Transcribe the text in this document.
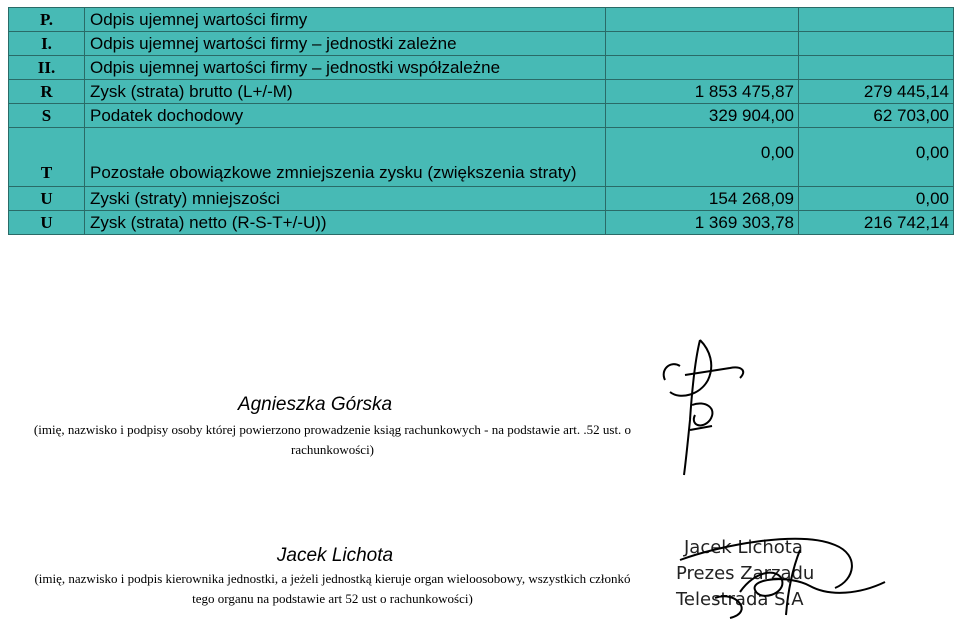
P.	Odpis ujemnej wartości firmy		
I.	Odpis ujemnej wartości firmy – jednostki zależne		
II.	Odpis ujemnej wartości firmy – jednostki współzależne		
R	Zysk (strata) brutto (L+/-M)	1 853 475,87	279 445,14
S	Podatek dochodowy	329 904,00	62 703,00
T	Pozostałe obowiązkowe zmniejszenia zysku (zwiększenia straty)	0,00	0,00
U	Zyski (straty) mniejszości	154 268,09	0,00
U	Zysk (strata) netto (R-S-T+/-U))	1 369 303,78	216 742,14
Agnieszka Górska
(imię, nazwisko i podpisy osoby której powierzono prowadzenie ksiąg rachunkowych - na podstawie art. .52 ust. o
rachunkowości)
Jacek Lichota
(imię, nazwisko i podpis kierownika jednostki, a jeżeli jednostką kieruje organ wieloosobowy, wszystkich członkó
tego organu na podstawie art 52 ust o rachunkowości)
Jacek Lichota
Prezes Zarządu
Telestrada S.A
